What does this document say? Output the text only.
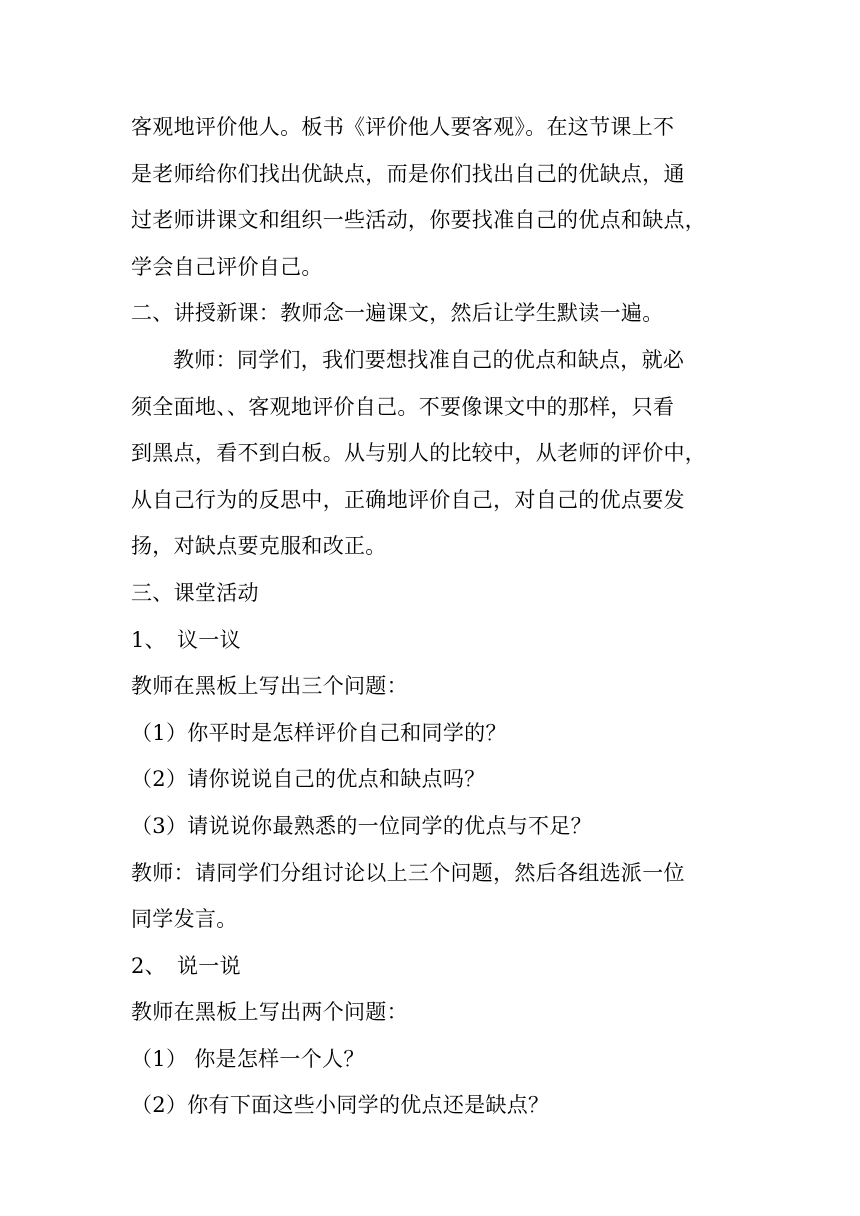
客观地评价他人。板书《评价他人要客观》。在这节课上不
是老师给你们找出优缺点，而是你们找出自己的优缺点，通
过老师讲课文和组织一些活动，你要找准自己的优点和缺点，
学会自己评价自己。
二、讲授新课：教师念一遍课文，然后让学生默读一遍。
教师：同学们，我们要想找准自己的优点和缺点，就必
须全面地、、客观地评价自己。不要像课文中的那样，只看
到黑点，看不到白板。从与别人的比较中，从老师的评价中，
从自己行为的反思中，正确地评价自己，对自己的优点要发
扬，对缺点要克服和改正。
三、课堂活动
1、 议一议
教师在黑板上写出三个问题：
（1）你平时是怎样评价自己和同学的？
（2）请你说说自己的优点和缺点吗？
（3）请说说你最熟悉的一位同学的优点与不足？
教师：请同学们分组讨论以上三个问题，然后各组选派一位
同学发言。
2、 说一说
教师在黑板上写出两个问题：
（1） 你是怎样一个人？
（2）你有下面这些小同学的优点还是缺点？
